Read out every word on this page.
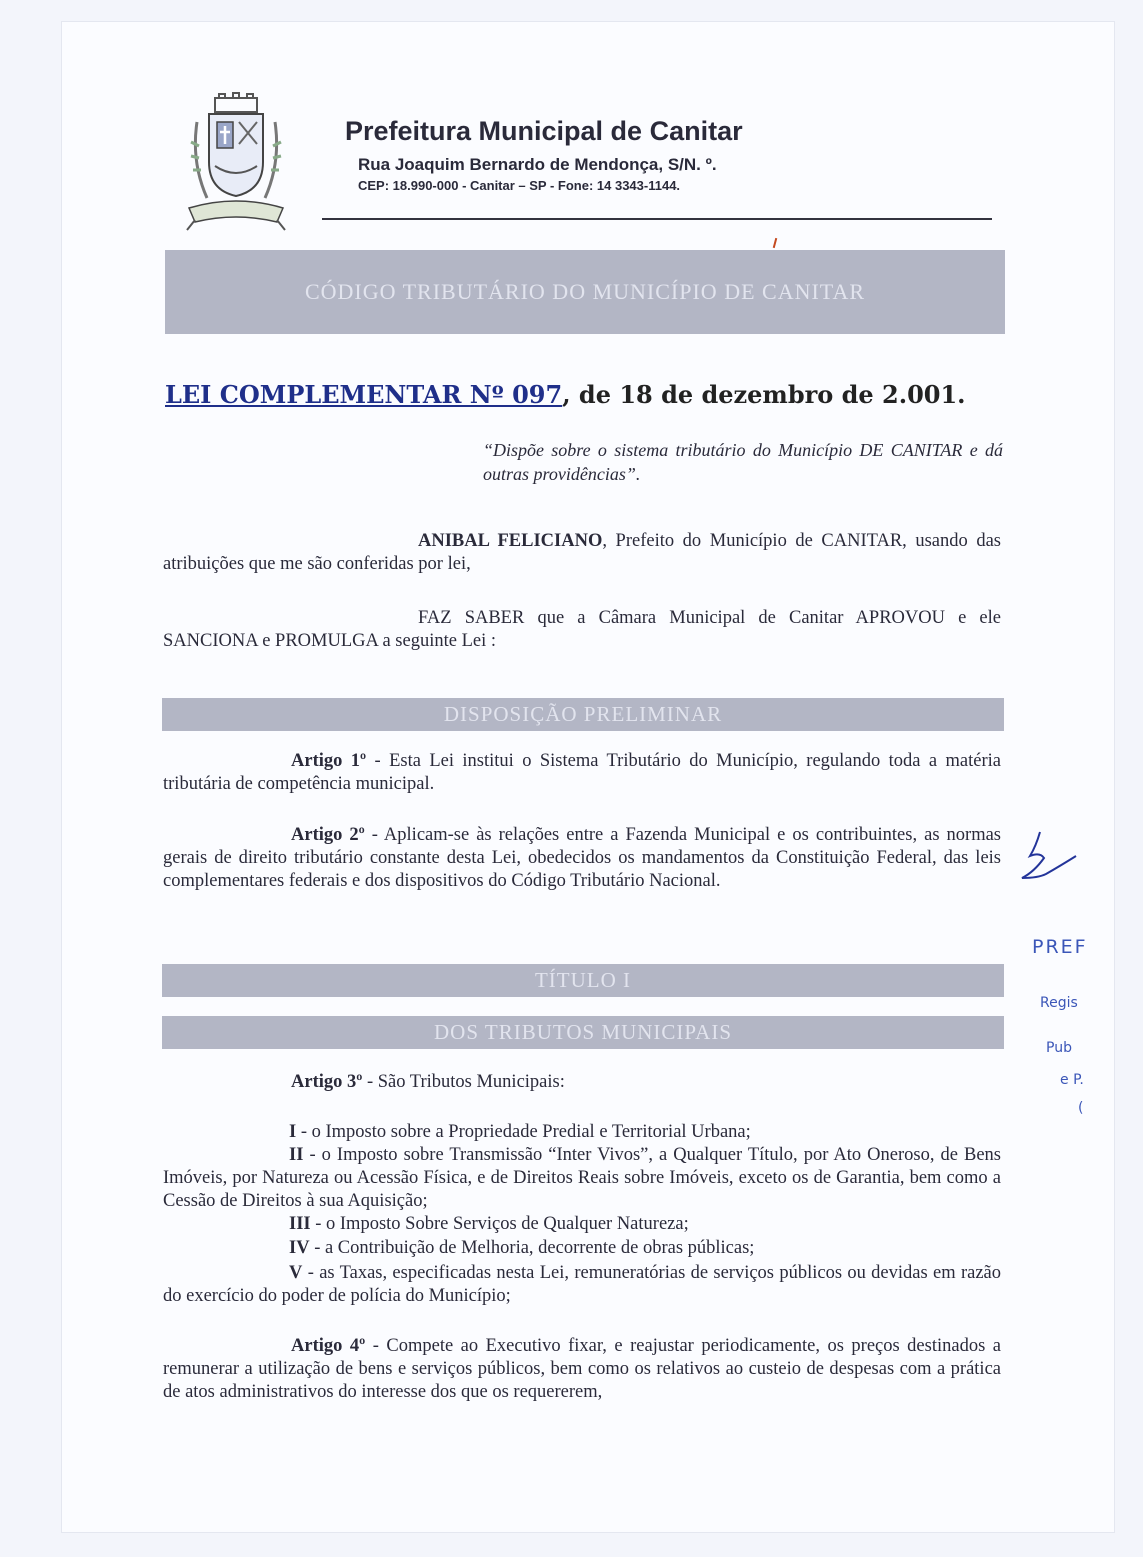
Prefeitura Municipal de Canitar
Rua Joaquim Bernardo de Mendonça, S/N. º.
CEP: 18.990-000 - Canitar – SP - Fone: 14 3343-1144.
CÓDIGO TRIBUTÁRIO DO MUNICÍPIO DE CANITAR
LEI COMPLEMENTAR Nº 097, de 18 de dezembro de 2.001.
“Dispõe sobre o sistema tributário do Município DE CANITAR e dá outras providências”.
ANIBAL FELICIANO, Prefeito do Município de CANITAR, usando das atribuições que me são conferidas por lei,
FAZ SABER que a Câmara Municipal de Canitar APROVOU e ele SANCIONA e PROMULGA a seguinte Lei :
DISPOSIÇÃO PRELIMINAR
Artigo 1º - Esta Lei institui o Sistema Tributário do Município, regulando toda a matéria tributária de competência municipal.
Artigo 2º - Aplicam-se às relações entre a Fazenda Municipal e os contribuintes, as normas gerais de direito tributário constante desta Lei, obedecidos os mandamentos da Constituição Federal, das leis complementares federais e dos dispositivos do Código Tributário Nacional.
TÍTULO I
DOS TRIBUTOS MUNICIPAIS
Artigo 3º - São Tributos Municipais:
I - o Imposto sobre a Propriedade Predial e Territorial Urbana;
II - o Imposto sobre Transmissão “Inter Vivos”, a Qualquer Título, por Ato Oneroso, de Bens Imóveis, por Natureza ou Acessão Física, e de Direitos Reais sobre Imóveis, exceto os de Garantia, bem como a Cessão de Direitos à sua Aquisição;
III - o Imposto Sobre Serviços de Qualquer Natureza;
IV - a Contribuição de Melhoria, decorrente de obras públicas;
V - as Taxas, especificadas nesta Lei, remuneratórias de serviços públicos ou devidas em razão do exercício do poder de polícia do Município;
Artigo 4º - Compete ao Executivo fixar, e reajustar periodicamente, os preços destinados a remunerar a utilização de bens e serviços públicos, bem como os relativos ao custeio de despesas com a prática de atos administrativos do interesse dos que os requererem,
PREF
Regis
Pub
e P.
(
